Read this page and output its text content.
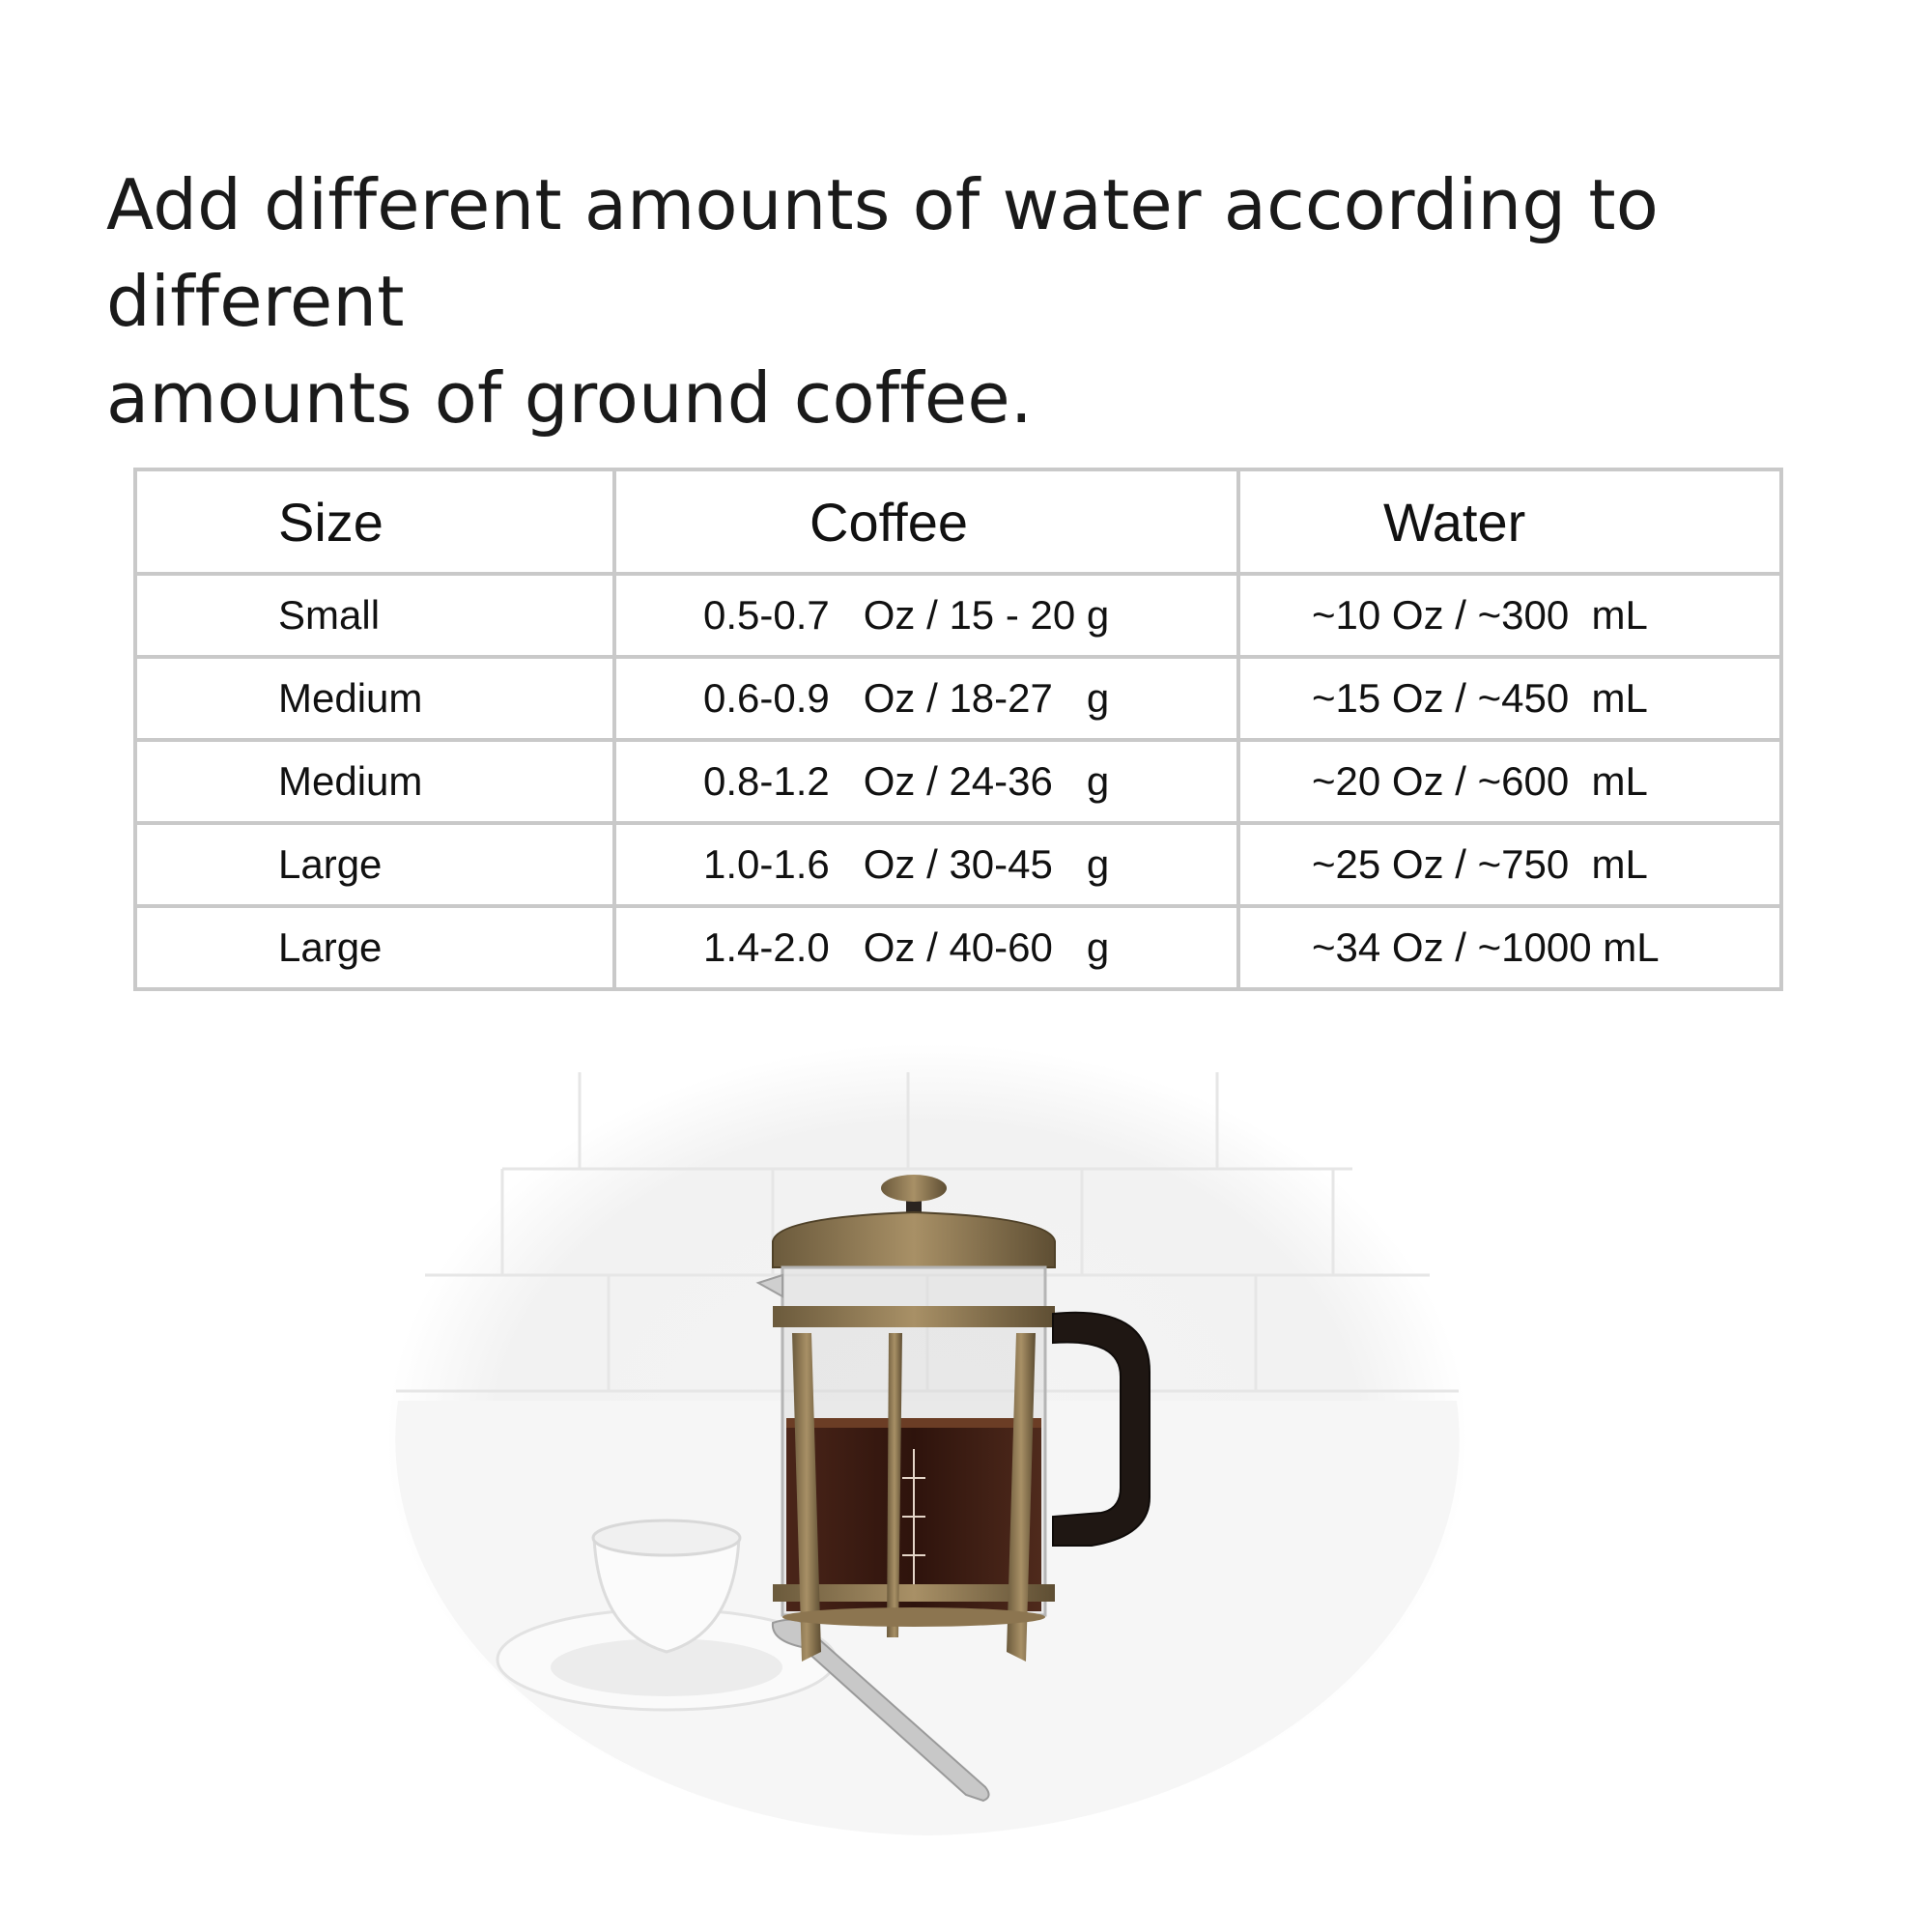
Add different amounts of water according to different
amounts of ground coffee.
Size	Coffee	Water
Small	0.5-0.7   Oz / 15 - 20 g	~10 Oz / ~300  mL
Medium	0.6-0.9   Oz / 18-27   g	~15 Oz / ~450  mL
Medium	0.8-1.2   Oz / 24-36   g	~20 Oz / ~600  mL
Large	1.0-1.6   Oz / 30-45   g	~25 Oz / ~750  mL
Large	1.4-2.0   Oz / 40-60   g	~34 Oz / ~1000 mL
